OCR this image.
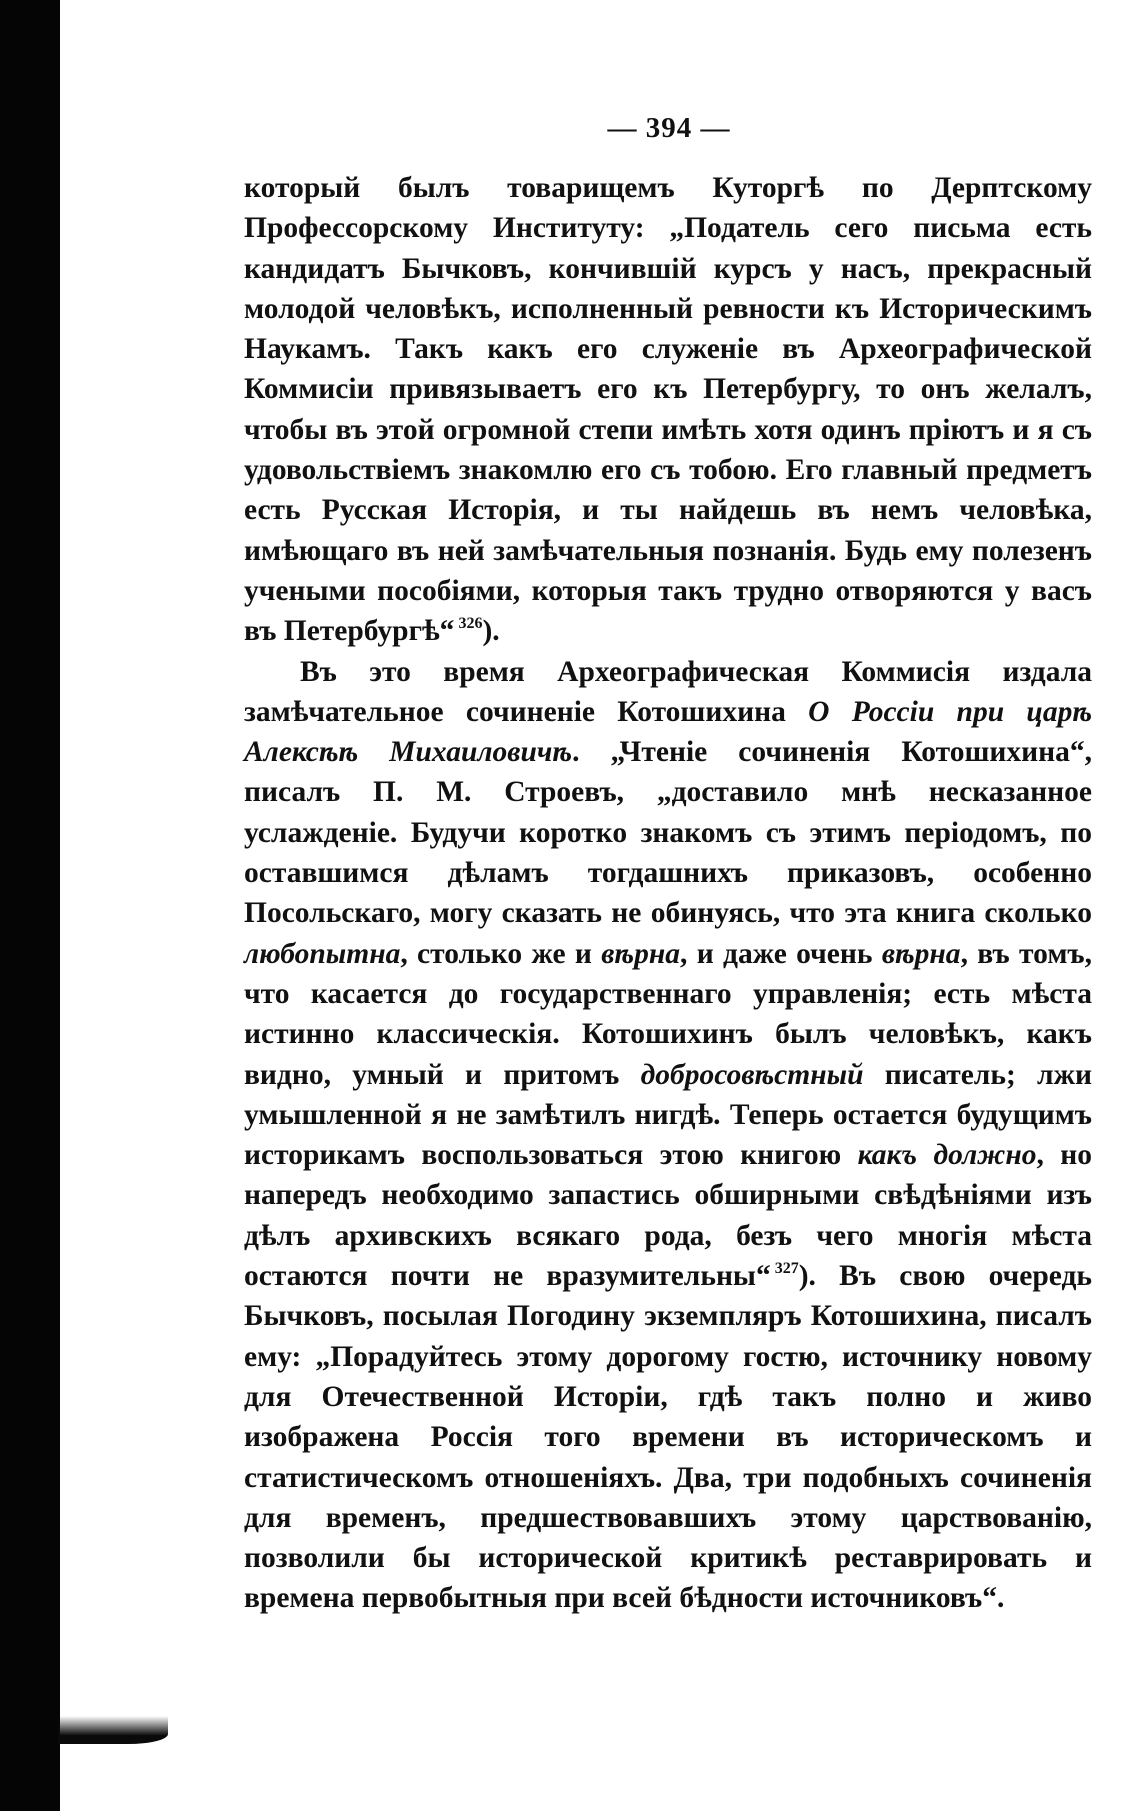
— 394 —

который былъ товарищемъ Куторгѣ по Дерптскому Профессорскому Институту: „Податель сего письма есть кандидатъ Бычковъ, кончившій курсъ у насъ, прекрасный молодой человѣкъ, исполненный ревности къ Историческимъ Наукамъ. Такъ какъ его служеніе въ Археографической Коммисіи привязываетъ его къ Петербургу, то онъ желалъ, чтобы въ этой огромной степи имѣть хотя одинъ пріютъ и я съ удовольствіемъ знакомлю его съ тобою. Его главный предметъ есть Русская Исторія, и ты найдешь въ немъ человѣка, имѣющаго въ ней замѣчательныя познанія. Будь ему полезенъ учеными пособіями, которыя такъ трудно отворяются у васъ въ Петербургѣ“ $^{326}$).

Въ это время Археографическая Коммисія издала замѣчательное сочиненіе Котошихина О Россіи при царѣ Алексѣѣ Михаиловичѣ. „Чтеніе сочиненія Котошихина“, писалъ П. М. Строевъ, „доставило мнѣ несказанное услажденіе. Будучи коротко знакомъ съ этимъ періодомъ, по оставшимся дѣламъ тогдашнихъ приказовъ, особенно Посольскаго, могу сказать не обинуясь, что эта книга сколько любопытна, столько же и вѣрна, и даже очень вѣрна, въ томъ, что касается до государственнаго управленія; есть мѣста истинно классическія. Котошихинъ былъ человѣкъ, какъ видно, умный и притомъ добросовѣстный писатель; лжи умышленной я не замѣтилъ нигдѣ. Теперь остается будущимъ историкамъ воспользоваться этою книгою какъ должно, но напередъ необходимо запастись обширными свѣдѣніями изъ дѣлъ архивскихъ всякаго рода, безъ чего многія мѣста остаются почти не вразумительны“ $^{327}$). Въ свою очередь Бычковъ, посылая Погодину экземпляръ Котошихина, писалъ ему: „Порадуйтесь этому дорогому гостю, источнику новому для Отечественной Исторіи, гдѣ такъ полно и живо изображена Россія того времени въ историческомъ и статистическомъ отношеніяхъ. Два, три подобныхъ сочиненія для временъ, предшествовавшихъ этому царствованію, позволили бы исторической критикѣ реставрировать и времена первобытныя при всей бѣдности источниковъ“.
